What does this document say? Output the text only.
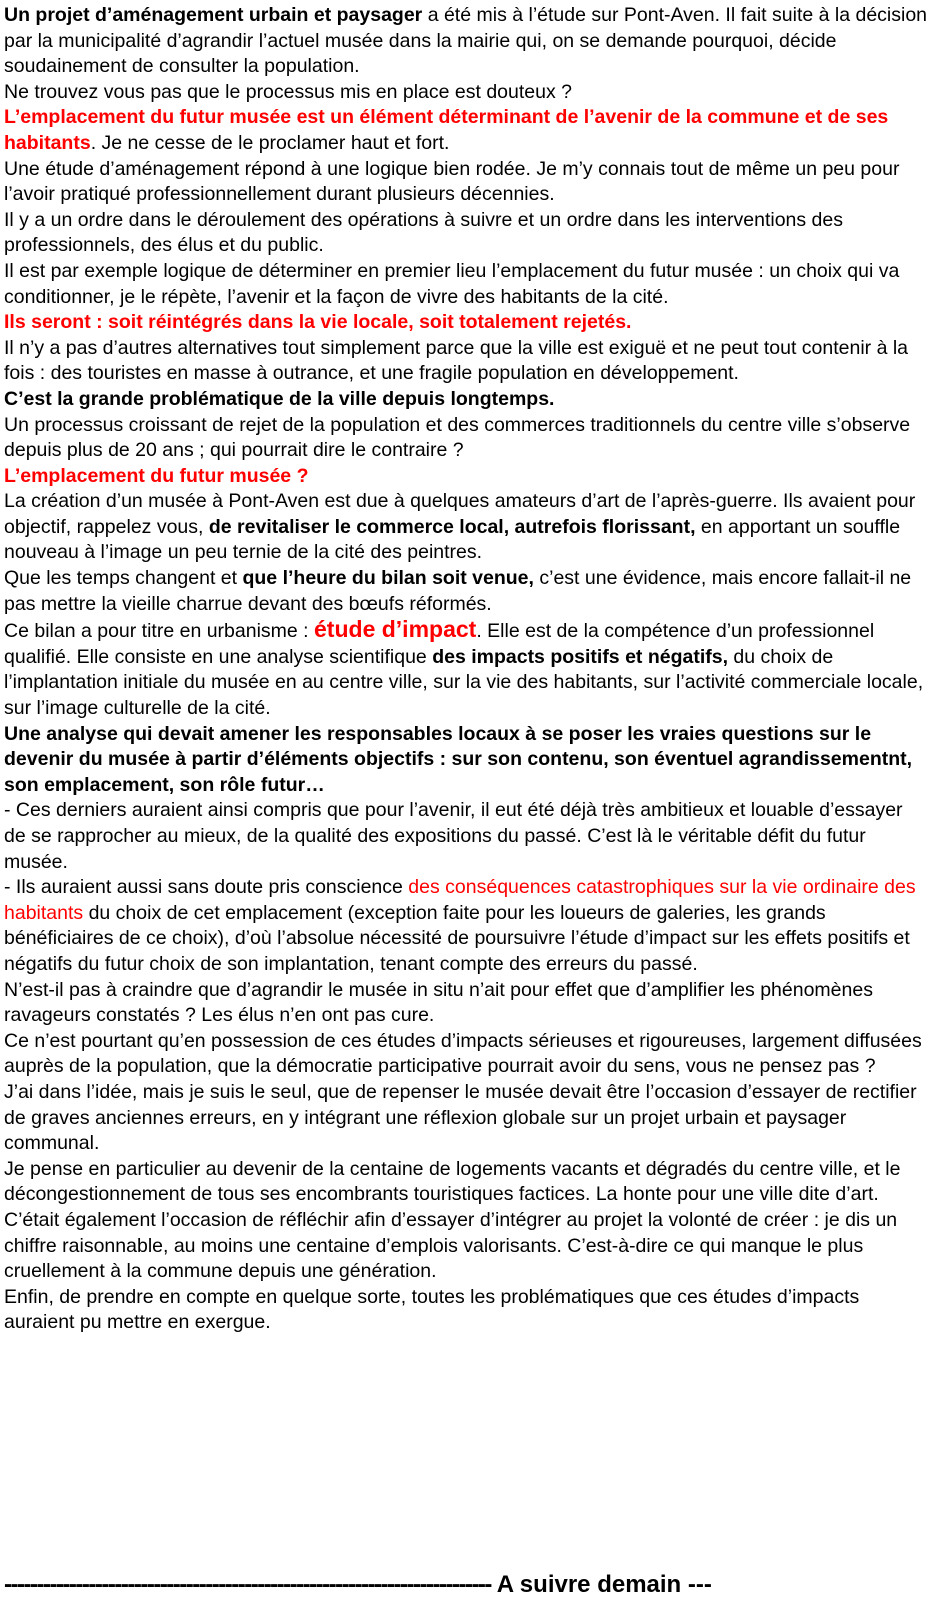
Un projet d’aménagement urbain et paysager a été mis à l’étude sur Pont-Aven. Il fait suite à la décision par la municipalité d’agrandir l’actuel musée dans la mairie qui, on se demande pourquoi, décide soudainement de consulter la population.

Ne trouvez vous pas que le processus mis en place est douteux ?

L’emplacement du futur musée est un élément déterminant de l’avenir de la commune et de ses habitants. Je ne cesse de le proclamer haut et fort.

Une étude d’aménagement répond à une logique bien rodée. Je m’y connais tout de même un peu pour l’avoir pratiqué professionnellement durant plusieurs décennies.

Il y a un ordre dans le déroulement des opérations à suivre et un ordre dans les interventions des professionnels, des élus et du public.

Il est par exemple logique de déterminer en premier lieu l’emplacement du futur musée : un choix qui va conditionner, je le répète, l’avenir et la façon de vivre des habitants de la cité.

Ils seront : soit réintégrés dans la vie locale, soit totalement rejetés.

Il n’y a pas d’autres alternatives tout simplement parce que la ville est exiguë et ne peut tout contenir à la fois : des touristes en masse à outrance, et une fragile population en développement.

C’est la grande problématique de la ville depuis longtemps.

Un processus croissant de rejet de la population et des commerces traditionnels du centre ville s’observe depuis plus de 20 ans ; qui pourrait dire le contraire ?

L’emplacement du futur musée ?

La création d’un musée à Pont-Aven est due à quelques amateurs d’art de l’après-guerre. Ils avaient pour objectif, rappelez vous, de revitaliser le commerce local, autrefois florissant, en apportant un souffle nouveau à l’image un peu ternie de la cité des peintres.

Que les temps changent et que l’heure du bilan soit venue, c’est une évidence, mais encore fallait-il ne pas mettre la vieille charrue devant des bœufs réformés.

Ce bilan a pour titre en urbanisme : étude d’impact. Elle est de la compétence d’un professionnel qualifié. Elle consiste en une analyse scientifique des impacts positifs et négatifs, du choix de l’implantation initiale du musée en au centre ville, sur la vie des habitants, sur l’activité commerciale locale, sur l’image culturelle de la cité.

Une analyse qui devait amener les responsables locaux à se poser les vraies questions sur le devenir du musée à partir d’éléments objectifs : sur son contenu, son éventuel agrandissementnt, son emplacement, son rôle futur…

- Ces derniers auraient ainsi compris que pour l’avenir, il eut été déjà très ambitieux et louable d’essayer de se rapprocher au mieux, de la qualité des expositions du passé. C’est là le véritable défit du futur musée.

- Ils auraient aussi sans doute pris conscience des conséquences catastrophiques sur la vie ordinaire des habitants du choix de cet emplacement (exception faite pour les loueurs de galeries, les grands bénéficiaires de ce choix), d’où l’absolue nécessité de poursuivre l’étude d’impact sur les effets positifs et négatifs du futur choix de son implantation, tenant compte des erreurs du passé.

N’est-il pas à craindre que d’agrandir le musée in situ n’ait pour effet que d’amplifier les phénomènes ravageurs constatés ? Les élus n’en ont pas cure.

Ce n’est pourtant qu’en possession de ces études d’impacts sérieuses et rigoureuses, largement diffusées auprès de la population, que la démocratie participative pourrait avoir du sens, vous ne pensez pas ?

J’ai dans l’idée, mais je suis le seul, que de repenser le musée devait être l’occasion d’essayer de rectifier de graves anciennes erreurs, en y intégrant une réflexion globale sur un projet urbain et paysager communal.

Je pense en particulier au devenir de la centaine de logements vacants et dégradés du centre ville, et le décongestionnement de tous ses encombrants touristiques factices. La honte pour une ville dite d’art.

C’était également l’occasion de réfléchir afin d’essayer d’intégrer au projet la volonté de créer : je dis un chiffre raisonnable, au moins une centaine d’emplois valorisants. C’est-à-dire ce qui manque le plus cruellement à la commune depuis une génération.

Enfin, de prendre en compte en quelque sorte, toutes les problématiques que ces études d’impacts auraient pu mettre en exergue.

--------------------------------------------------------------------------- A suivre demain ---
